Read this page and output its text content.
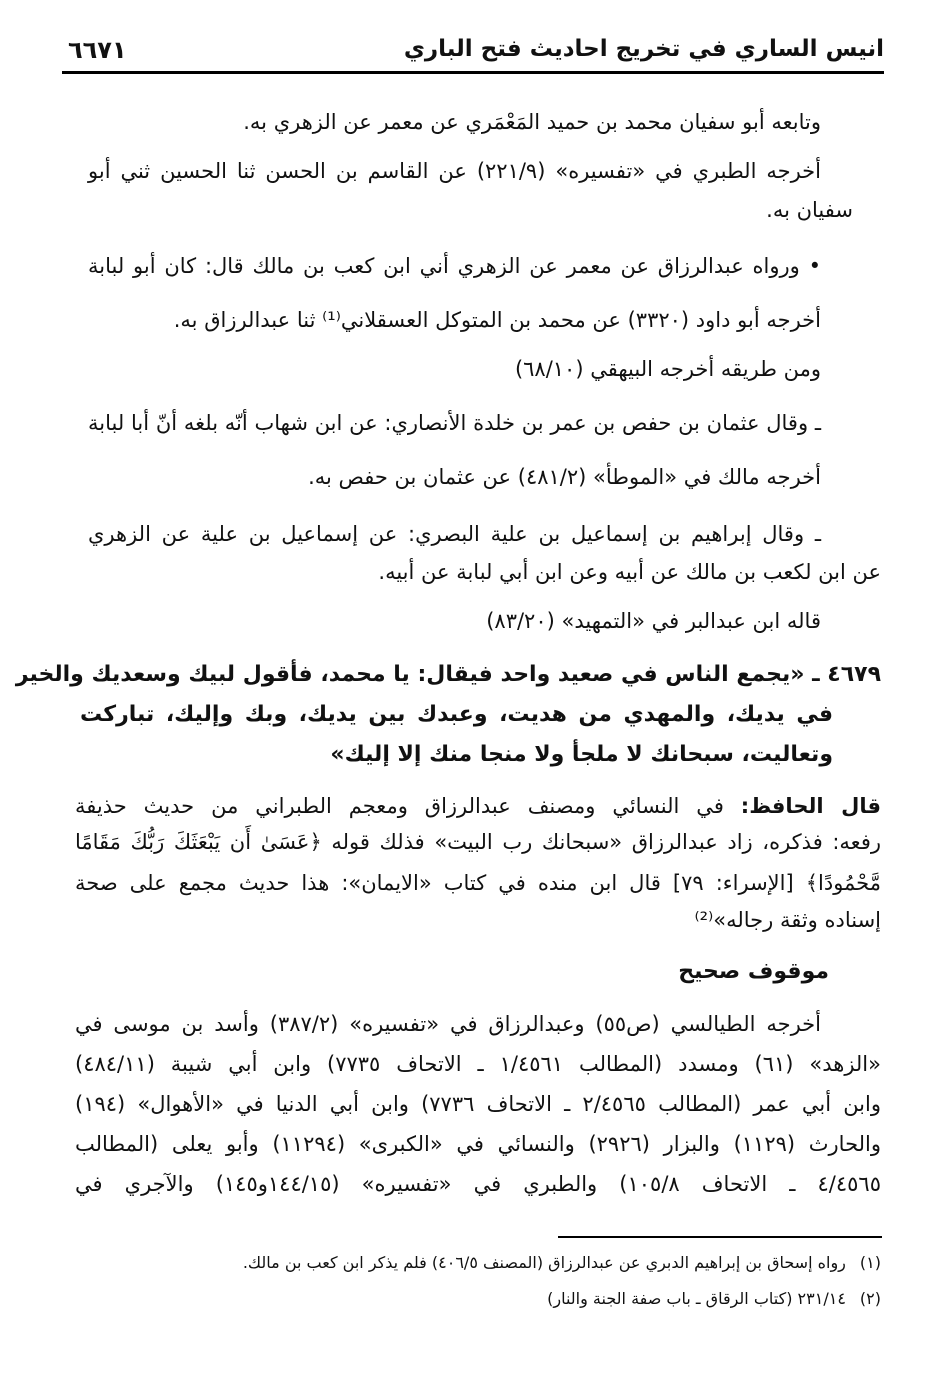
انيس الساري في تخريج احاديث فتح الباري
٦٦٧١
وتابعه أبو سفيان محمد بن حميد المَعْمَري عن معمر عن الزهري به.
أخرجه الطبري في «تفسيره» (٢٢١/٩) عن القاسم بن الحسن ثنا الحسين ثني أبو
سفيان به.
• ورواه عبدالرزاق عن معمر عن الزهري أني ابن كعب بن مالك قال: كان أبو لبابة
أخرجه أبو داود (٣٣٢٠) عن محمد بن المتوكل العسقلاني⁽¹⁾ ثنا عبدالرزاق به.
ومن طريقه أخرجه البيهقي (٦٨/١٠)
ـ وقال عثمان بن حفص بن عمر بن خلدة الأنصاري: عن ابن شهاب أنّه بلغه أنّ أبا لبابة
أخرجه مالك في «الموطأ» (٤٨١/٢) عن عثمان بن حفص به.
ـ وقال إبراهيم بن إسماعيل بن علية البصري: عن إسماعيل بن علية عن الزهري
عن ابن لكعب بن مالك عن أبيه وعن ابن أبي لبابة عن أبيه.
قاله ابن عبدالبر في «التمهيد» (٨٣/٢٠)
٤٦٧٩ ـ «يجمع الناس في صعيد واحد فيقال: يا محمد، فأقول لبيك وسعديك والخير
في يديك، والمهدي من هديت، وعبدك بين يديك، وبك وإليك، تباركت
وتعاليت، سبحانك لا ملجأ ولا منجا منك إلا إليك»
قال الحافظ: في النسائي ومصنف عبدالرزاق ومعجم الطبراني من حديث حذيفة
رفعه: فذكره، زاد عبدالرزاق «سبحانك رب البيت» فذلك قوله ﴿عَسَىٰ أَن يَبْعَثَكَ رَبُّكَ مَقَامًا
مَّحْمُودًا﴾ [الإسراء: ٧٩] قال ابن منده في كتاب «الايمان»: هذا حديث مجمع على صحة
إسناده وثقة رجاله»⁽²⁾
موقوف صحيح
أخرجه الطيالسي (ص٥٥) وعبدالرزاق في «تفسيره» (٣٨٧/٢) وأسد بن موسى في
«الزهد» (٦١) ومسدد (المطالب ١/٤٥٦١ ـ الاتحاف ٧٧٣٥) وابن أبي شيبة (٤٨٤/١١)
وابن أبي عمر (المطالب ٢/٤٥٦٥ ـ الاتحاف ٧٧٣٦) وابن أبي الدنيا في «الأهوال» (١٩٤)
والحارث (١١٢٩) والبزار (٢٩٢٦) والنسائي في «الكبرى» (١١٢٩٤) وأبو يعلى (المطالب
٤/٤٥٦٥ ـ الاتحاف ١٠٥/٨) والطبري في «تفسيره» (١٤٤/١٥و١٤٥) والآجري في
(١)رواه إسحاق بن إبراهيم الدبري عن عبدالرزاق (المصنف ٤٠٦/٥) فلم يذكر ابن كعب بن مالك.
(٢)٢٣١/١٤ (كتاب الرقاق ـ باب صفة الجنة والنار)
